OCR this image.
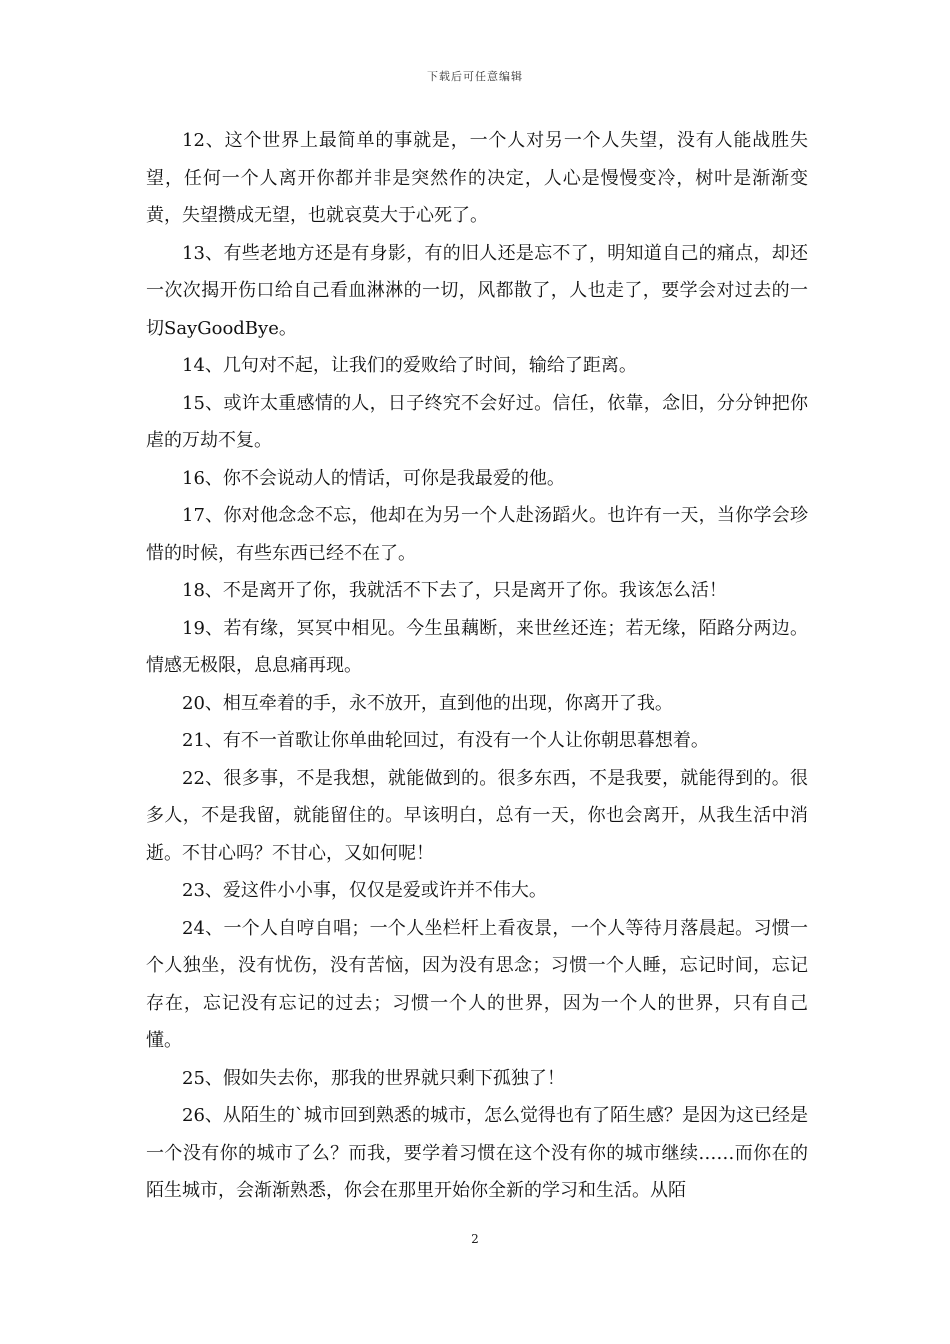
下载后可任意编辑

12、这个世界上最简单的事就是，一个人对另一个人失望，没有人能战胜失望，任何一个人离开你都并非是突然作的决定，人心是慢慢变冷，树叶是渐渐变黄，失望攒成无望，也就哀莫大于心死了。

13、有些老地方还是有身影，有的旧人还是忘不了，明知道自己的痛点，却还一次次揭开伤口给自己看血淋淋的一切，风都散了，人也走了，要学会对过去的一切SayGoodBye。

14、几句对不起，让我们的爱败给了时间，输给了距离。

15、或许太重感情的人，日子终究不会好过。信任，依靠，念旧，分分钟把你虐的万劫不复。

16、你不会说动人的情话，可你是我最爱的他。

17、你对他念念不忘，他却在为另一个人赴汤蹈火。也许有一天，当你学会珍惜的时候，有些东西已经不在了。

18、不是离开了你，我就活不下去了，只是离开了你。我该怎么活！

19、若有缘，冥冥中相见。今生虽藕断，来世丝还连；若无缘，陌路分两边。情感无极限，息息痛再现。

20、相互牵着的手，永不放开，直到他的出现，你离开了我。

21、有不一首歌让你单曲轮回过，有没有一个人让你朝思暮想着。

22、很多事，不是我想，就能做到的。很多东西，不是我要，就能得到的。很多人，不是我留，就能留住的。早该明白，总有一天，你也会离开，从我生活中消逝。不甘心吗？不甘心，又如何呢！

23、爱这件小小事，仅仅是爱或许并不伟大。

24、一个人自哼自唱；一个人坐栏杆上看夜景，一个人等待月落晨起。习惯一个人独坐，没有忧伤，没有苦恼，因为没有思念；习惯一个人睡，忘记时间，忘记存在，忘记没有忘记的过去；习惯一个人的世界，因为一个人的世界，只有自己懂。

25、假如失去你，那我的世界就只剩下孤独了！

26、从陌生的`城市回到熟悉的城市，怎么觉得也有了陌生感？是因为这已经是一个没有你的城市了么？而我，要学着习惯在这个没有你的城市继续……而你在的陌生城市，会渐渐熟悉，你会在那里开始你全新的学习和生活。从陌

2
